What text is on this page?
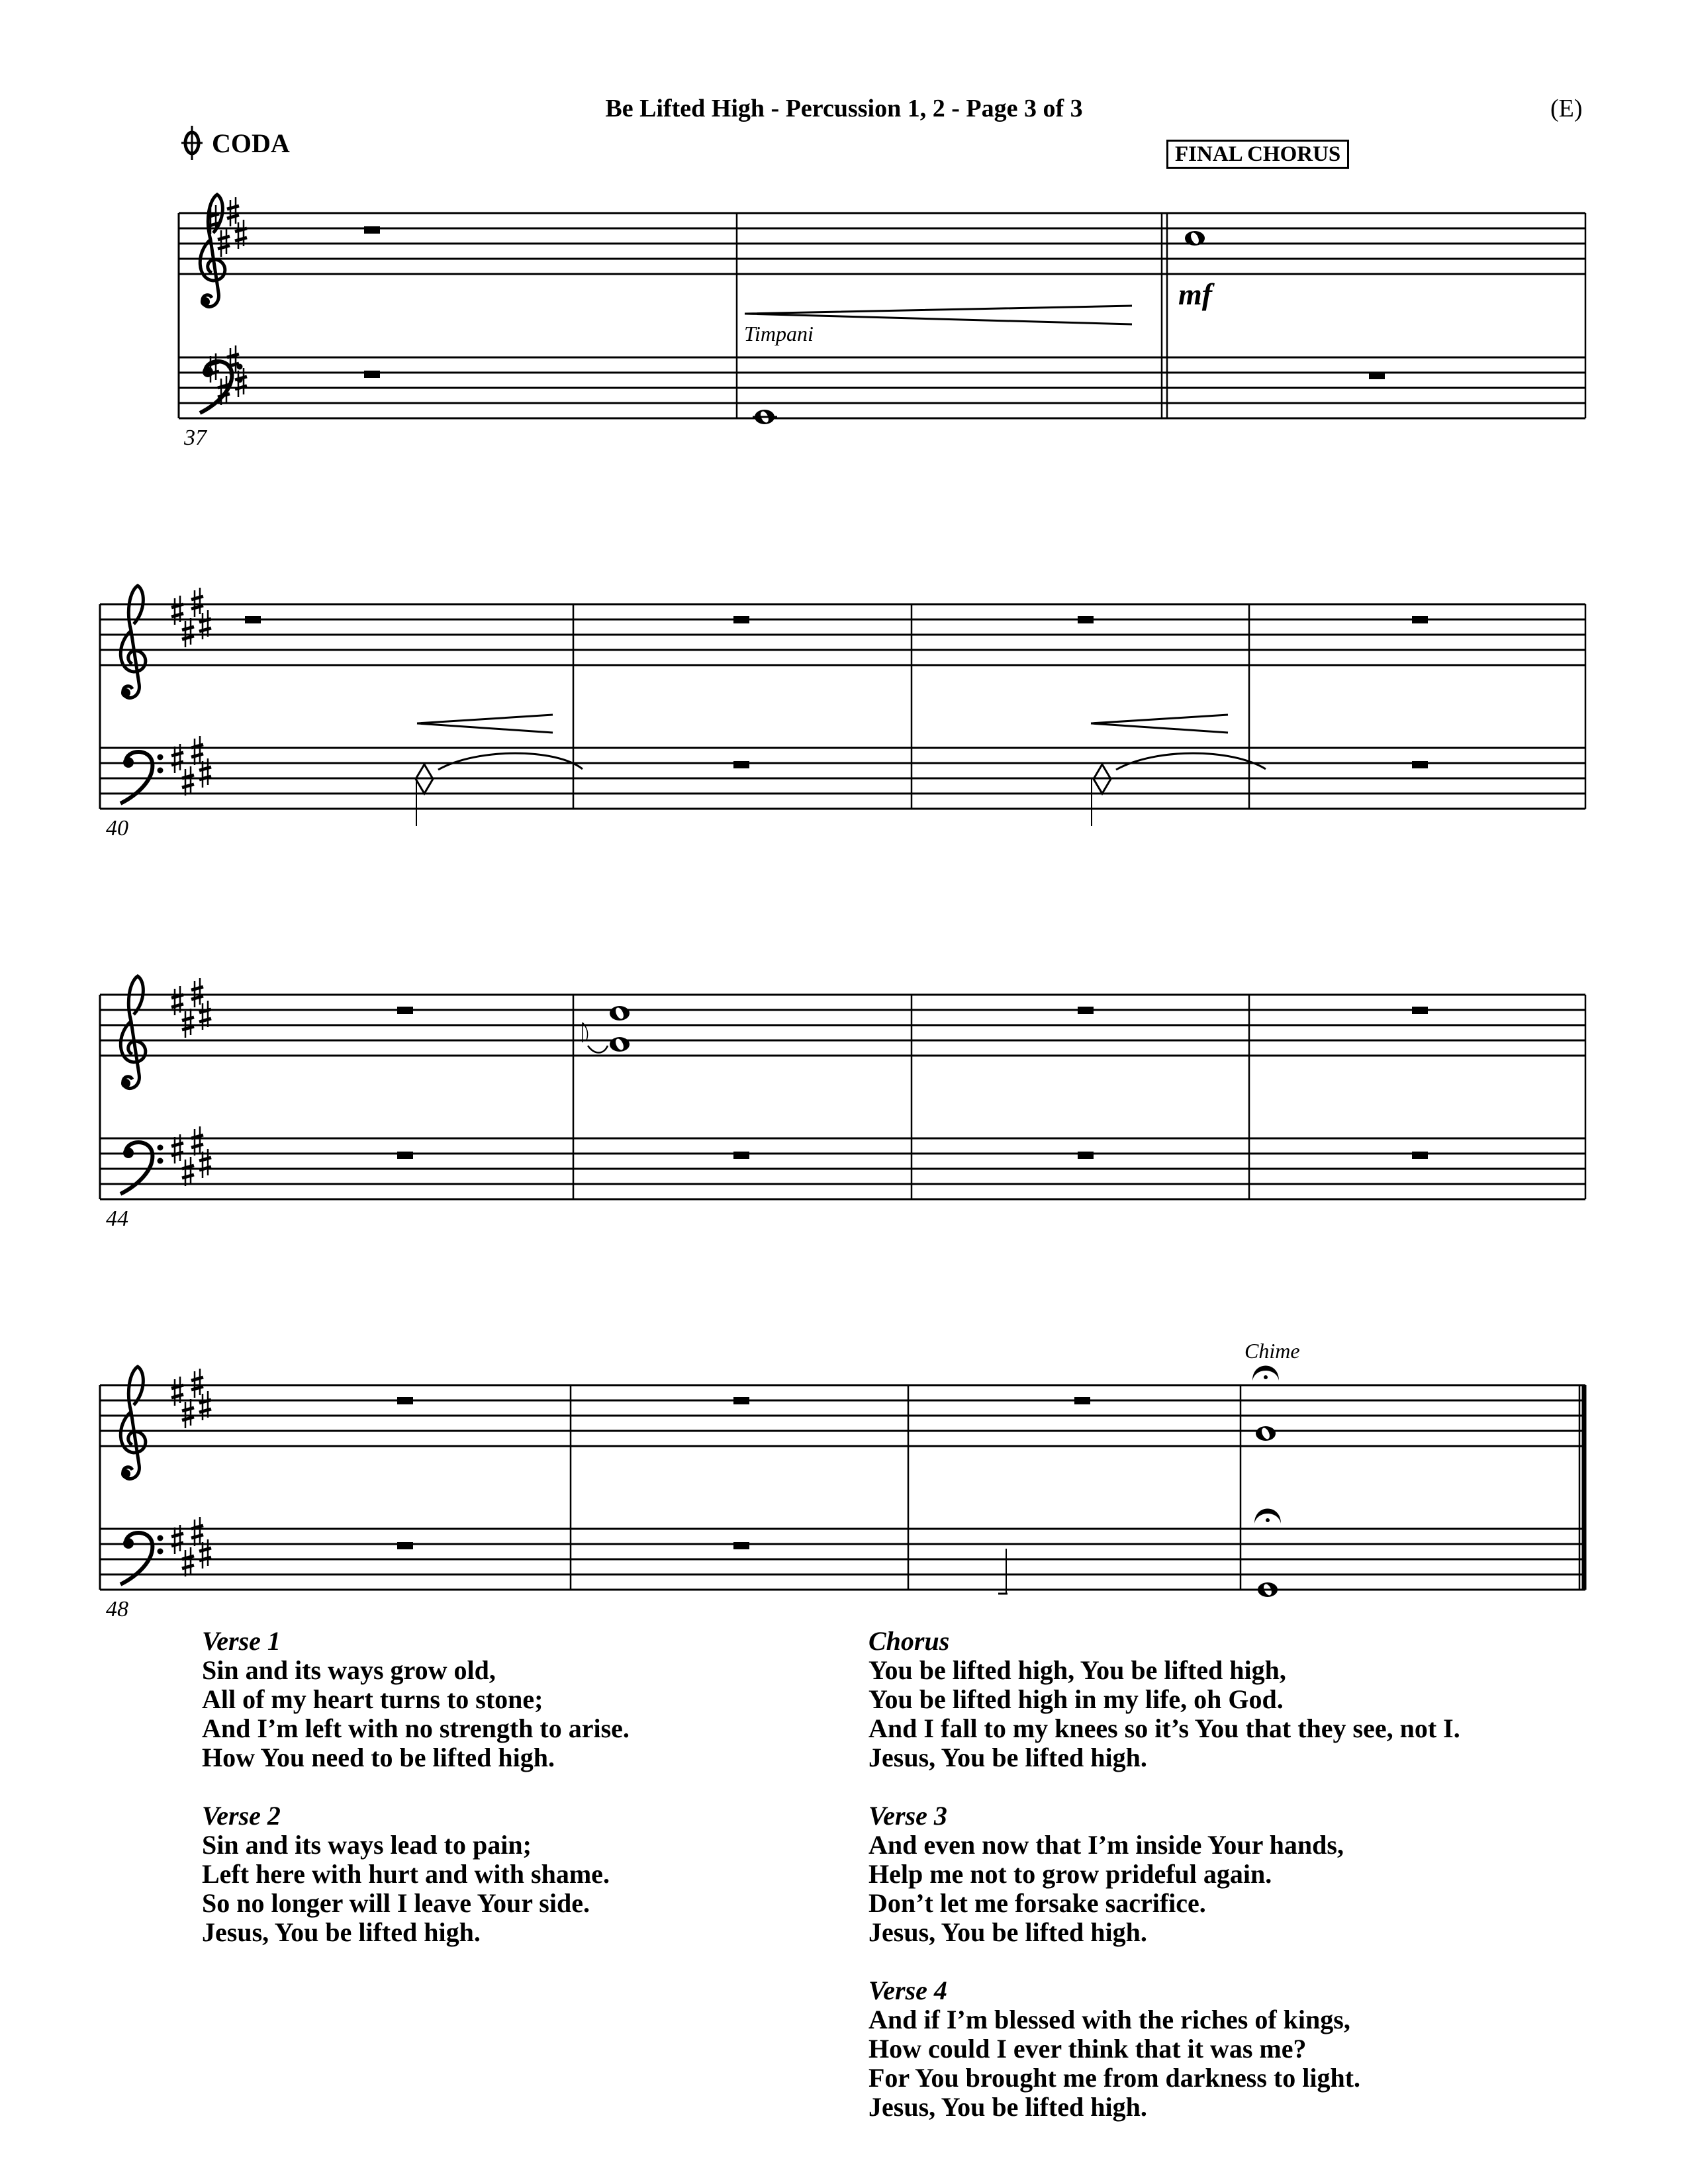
Be Lifted High - Percussion 1, 2 - Page 3 of 3	(E)
CODA	FINAL CHORUS
Timpani
mf
37
40
44
Chime
48
Verse 1
Sin and its ways grow old,
All of my heart turns to stone;
And I’m left with no strength to arise.
How You need to be lifted high.
Verse 2
Sin and its ways lead to pain;
Left here with hurt and with shame.
So no longer will I leave Your side.
Jesus, You be lifted high.
Chorus
You be lifted high, You be lifted high,
You be lifted high in my life, oh God.
And I fall to my knees so it’s You that they see, not I.
Jesus, You be lifted high.
Verse 3
And even now that I’m inside Your hands,
Help me not to grow prideful again.
Don’t let me forsake sacrifice.
Jesus, You be lifted high.
Verse 4
And if I’m blessed with the riches of kings,
How could I ever think that it was me?
For You brought me from darkness to light.
Jesus, You be lifted high.
